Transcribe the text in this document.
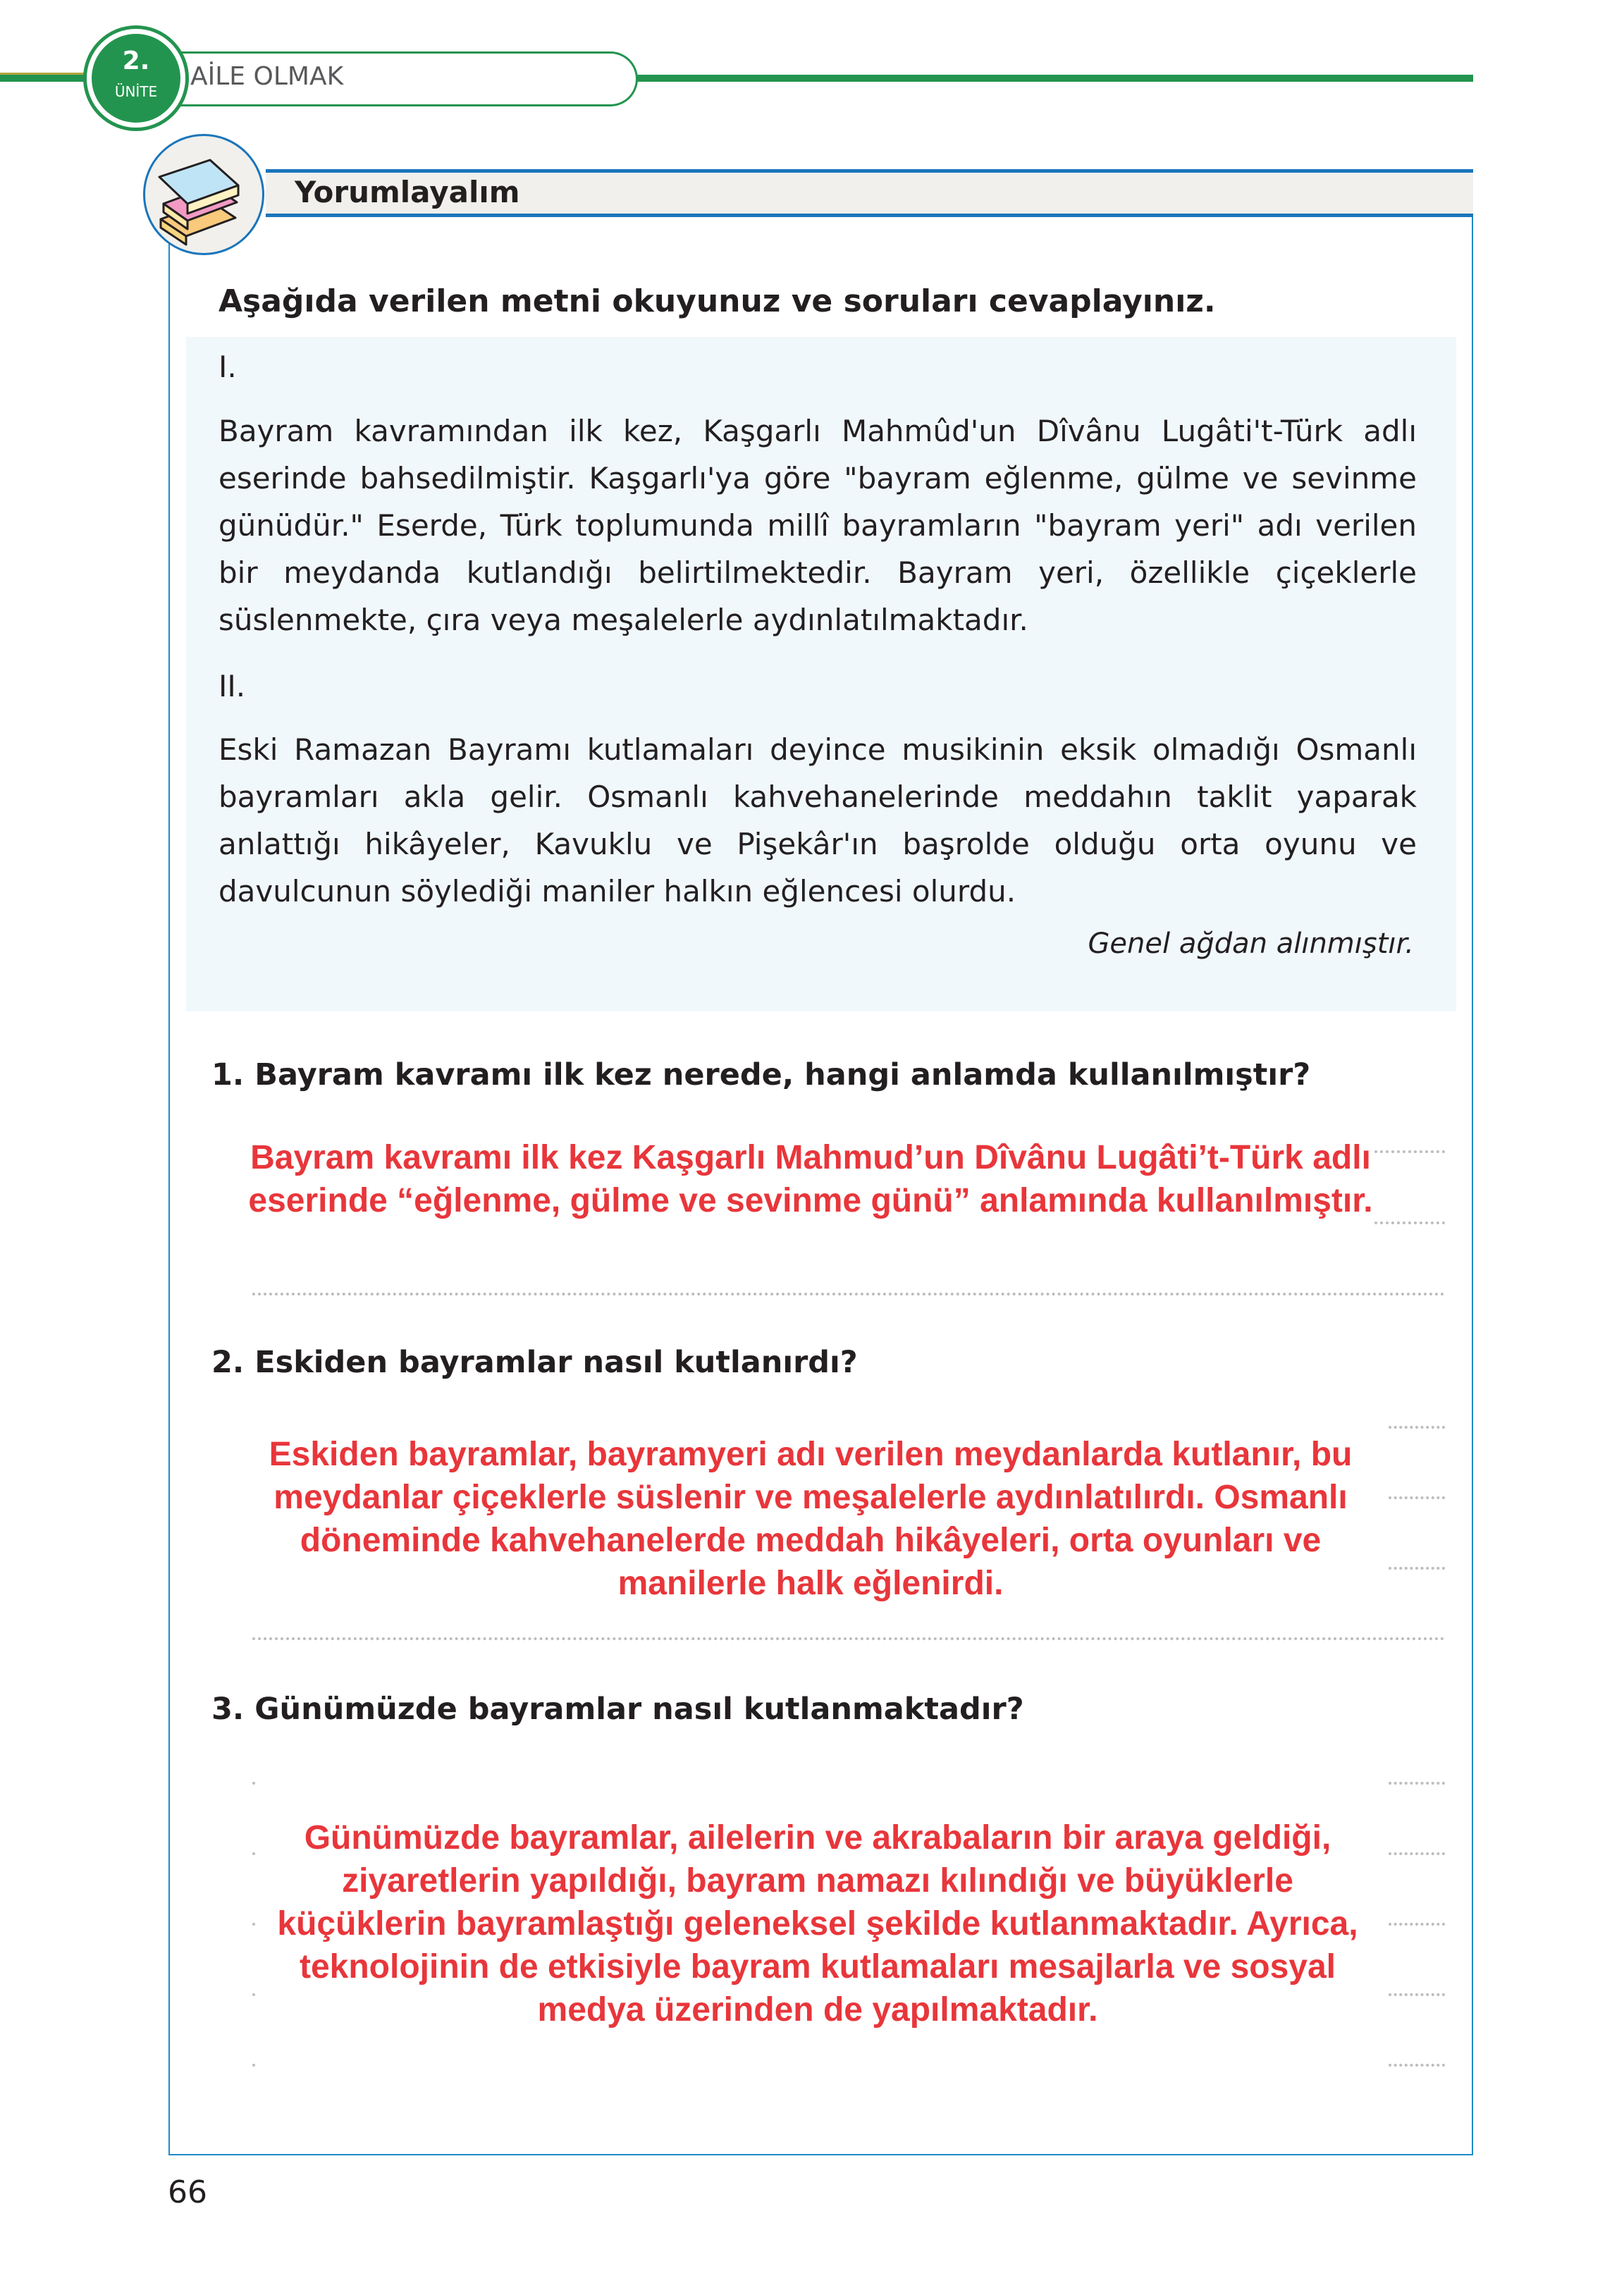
AİLE OLMAK
2.
ÜNİTE
Yorumlayalım
Aşağıda verilen metni okuyunuz ve soruları cevaplayınız.
I.
Bayram kavramından ilk kez, Kaşgarlı Mahmûd'un Dîvânu Lugâti't-Türk adlı eserinde bahsedilmiştir. Kaşgarlı'ya göre "bayram eğlenme, gülme ve sevinme günüdür." Eserde, Türk toplumunda millî bayramların "bayram yeri" adı verilen bir meydanda kutlandığı belirtilmektedir. Bayram yeri, özellikle çiçeklerle süslenmekte, çıra veya meşalelerle aydınlatılmaktadır.
II.
Eski Ramazan Bayramı kutlamaları deyince musikinin eksik olmadığı Osmanlı bayramları akla gelir. Osmanlı kahvehanelerinde meddahın taklit yaparak anlattığı hikâyeler, Kavuklu ve Pişekâr'ın başrolde olduğu orta oyunu ve davulcunun söylediği maniler halkın eğlencesi olurdu.
Genel ağdan alınmıştır.
1. Bayram kavramı ilk kez nerede, hangi anlamda kullanılmıştır?
Bayram kavramı ilk kez Kaşgarlı Mahmud’un Dîvânu Lugâti’t-Türk adlı eserinde “eğlenme, gülme ve sevinme günü” anlamında kullanılmıştır.
2. Eskiden bayramlar nasıl kutlanırdı?
Eskiden bayramlar, bayramyeri adı verilen meydanlarda kutlanır, bu meydanlar çiçeklerle süslenir ve meşalelerle aydınlatılırdı. Osmanlı döneminde kahvehanelerde meddah hikâyeleri, orta oyunları ve manilerle halk eğlenirdi.
3. Günümüzde bayramlar nasıl kutlanmaktadır?
Günümüzde bayramlar, ailelerin ve akrabaların bir araya geldiği, ziyaretlerin yapıldığı, bayram namazı kılındığı ve büyüklerle küçüklerin bayramlaştığı geleneksel şekilde kutlanmaktadır. Ayrıca, teknolojinin de etkisiyle bayram kutlamaları mesajlarla ve sosyal medya üzerinden de yapılmaktadır.
66
